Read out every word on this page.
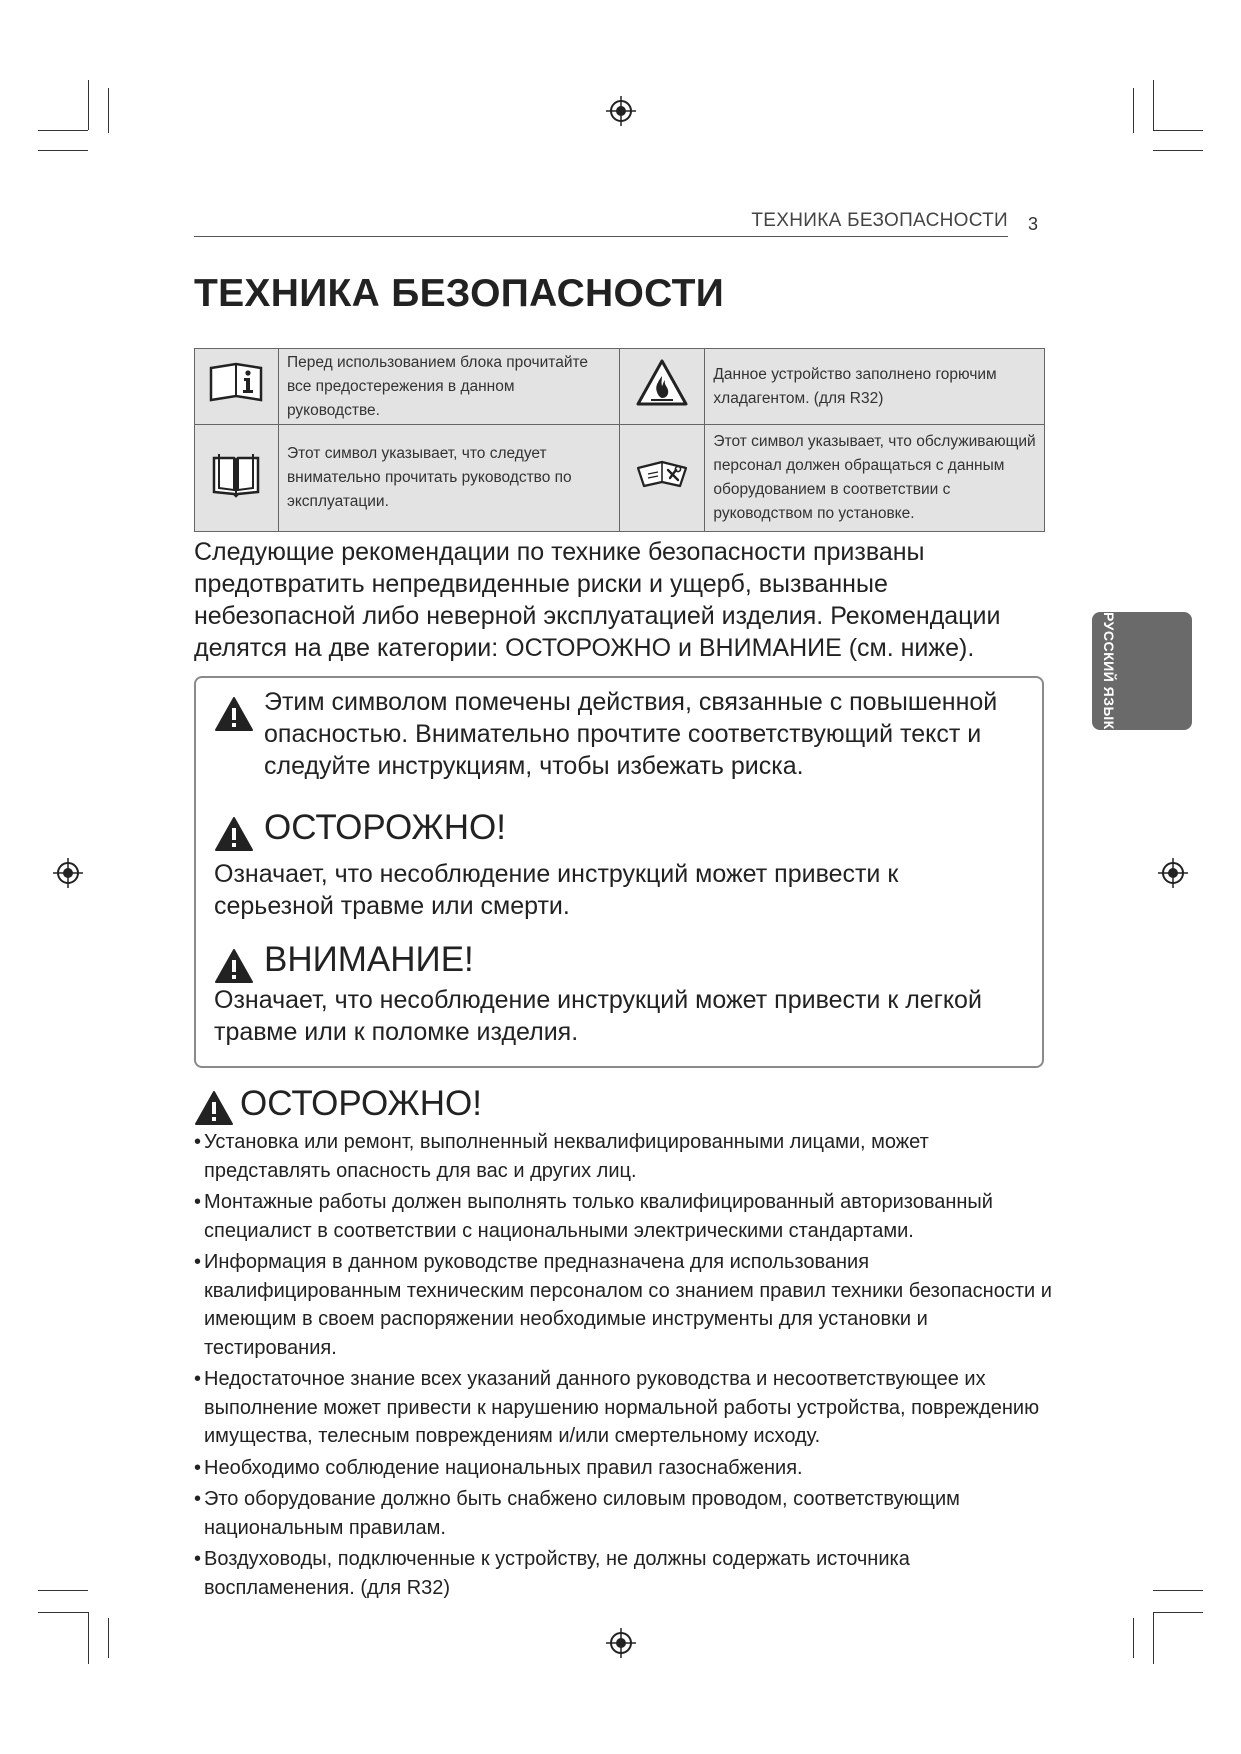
ТЕХНИКА БЕЗОПАСНОСТИ 3
ТЕХНИКА БЕЗОПАСНОСТИ
	Перед использованием блока прочитайте все предостережения в данном руководстве.		Данное устройство заполнено горючим хладагентом. (для R32)
	Этот символ указывает, что следует внимательно прочитать руководство по эксплуатации.		Этот символ указывает, что обслуживающий персонал должен обращаться с данным оборудованием в соответствии с руководством по установке.
Следующие рекомендации по технике безопасности призваны предотвратить непредвиденные риски и ущерб, вызванные небезопасной либо неверной эксплуатацией изделия. Рекомендации делятся на две категории: ОСТОРОЖНО и ВНИМАНИЕ (см. ниже).
Этим символом помечены действия, связанные с повышенной опасностью. Внимательно прочтите соответствующий текст и следуйте инструкциям, чтобы избежать риска.
ОСТОРОЖНО!
Означает, что несоблюдение инструкций может привести к серьезной травме или смерти.
ВНИМАНИЕ!
Означает, что несоблюдение инструкций может привести к легкой травме или к поломке изделия.
ОСТОРОЖНО!
• Установка или ремонт, выполненный неквалифицированными лицами, может представлять опасность для вас и других лиц.
• Монтажные работы должен выполнять только квалифицированный авторизованный специалист в соответствии с национальными электрическими стандартами.
• Информация в данном руководстве предназначена для использования квалифицированным техническим персоналом со знанием правил техники безопасности и имеющим в своем распоряжении необходимые инструменты для установки и тестирования.
• Недостаточное знание всех указаний данного руководства и несоответствующее их выполнение может привести к нарушению нормальной работы устройства, повреждению имущества, телесным повреждениям и/или смертельному исходу.
• Необходимо соблюдение национальных правил газоснабжения.
• Это оборудование должно быть снабжено силовым проводом, соответствующим национальным правилам.
• Воздуховоды, подключенные к устройству, не должны содержать источника воспламенения. (для R32)
РУССКИЙ ЯЗЫК
